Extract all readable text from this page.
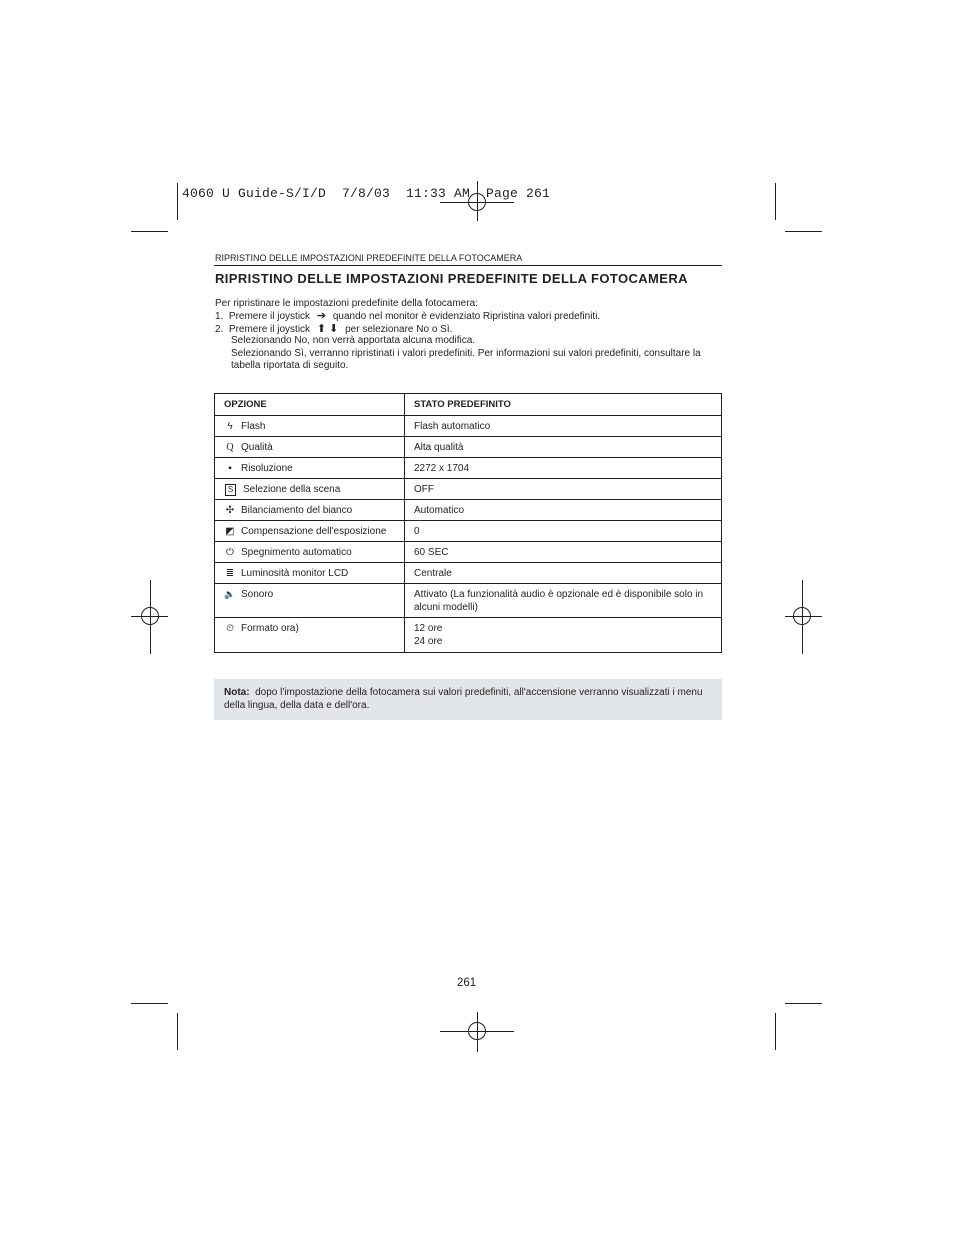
4060 U Guide-S/I/D  7/8/03  11:33 AM  Page 261
RIPRISTINO DELLE IMPOSTAZIONI PREDEFINITE DELLA FOTOCAMERA
RIPRISTINO DELLE IMPOSTAZIONI PREDEFINITE DELLA FOTOCAMERA
Per ripristinare le impostazioni predefinite della fotocamera:
1. Premere il joystick ➔ quando nel monitor è evidenziato Ripristina valori predefiniti.
2. Premere il joystick ⬆ ⬇ per selezionare No o Sì.
Selezionando No, non verrà apportata alcuna modifica.
Selezionando Sì, verranno ripristinati i valori predefiniti. Per informazioni sui valori predefiniti, consultare la
tabella riportata di seguito.
OPZIONE	STATO PREDEFINITO
ϟ Flash	Flash automatico
Q Qualità	Alta qualità
▪ Risoluzione	2272 x 1704
S Selezione della scena	OFF
✣ Bilanciamento del bianco	Automatico
◩ Compensazione dell'esposizione	0
⏻ Spegnimento automatico	60 SEC
≣ Luminosità monitor LCD	Centrale
🔈 Sonoro	Attivato (La funzionalità audio è opzionale ed è disponibile solo in
alcuni modelli)
⏲ Formato ora)	12 ore
24 ore
Nota: dopo l'impostazione della fotocamera sui valori predefiniti, all'accensione verranno visualizzati i menu della lingua, della data e dell'ora.
261
